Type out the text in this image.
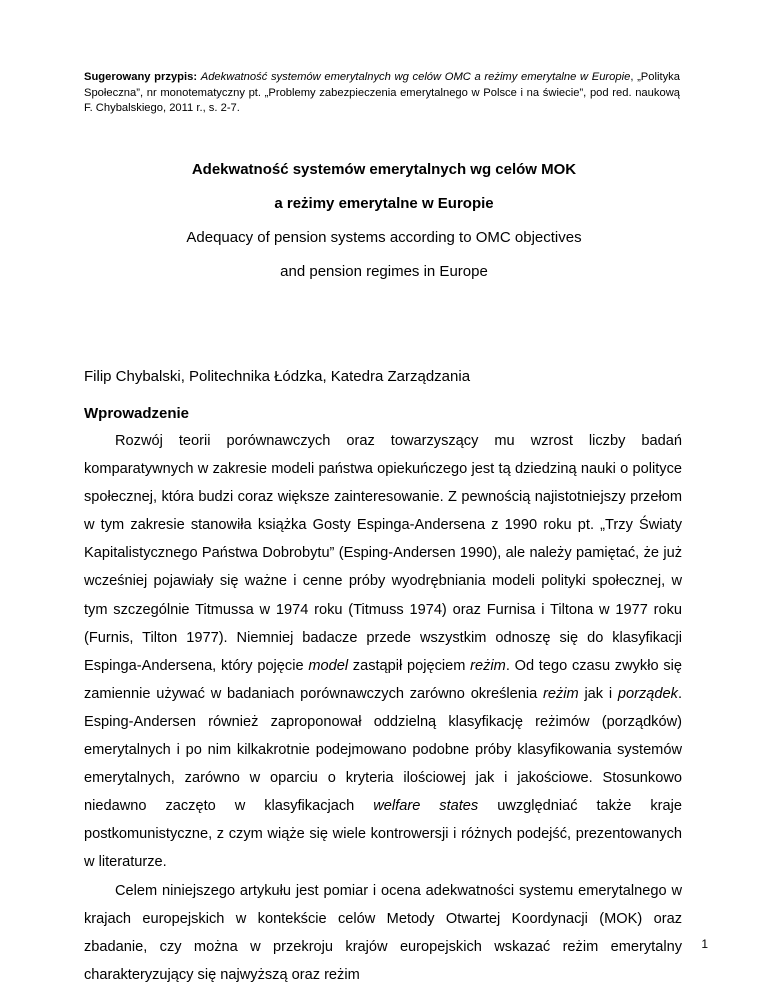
Sugerowany przypis: Adekwatność systemów emerytalnych wg celów OMC a reżimy emerytalne w Europie, „Polityka Społeczna”, nr monotematyczny pt. „Problemy zabezpieczenia emerytalnego w Polsce i na świecie”, pod red. naukową F. Chybalskiego, 2011 r., s. 2-7.
Adekwatność systemów emerytalnych wg celów MOK
a reżimy emerytalne w Europie
Adequacy of pension systems according to OMC objectives
and pension regimes in Europe
Filip Chybalski, Politechnika Łódzka, Katedra Zarządzania
Wprowadzenie

Rozwój teorii porównawczych oraz towarzyszący mu wzrost liczby badań komparatywnych w zakresie modeli państwa opiekuńczego jest tą dziedziną nauki o polityce społecznej, która budzi coraz większe zainteresowanie. Z pewnością najistotniejszy przełom w tym zakresie stanowiła książka Gosty Espinga-Andersena z 1990 roku pt. „Trzy Światy Kapitalistycznego Państwa Dobrobytu” (Esping-Andersen 1990), ale należy pamiętać, że już wcześniej pojawiały się ważne i cenne próby wyodrębniania modeli polityki społecznej, w tym szczególnie Titmussa w 1974 roku (Titmuss 1974) oraz Furnisa i Tiltona w 1977 roku (Furnis, Tilton 1977). Niemniej badacze przede wszystkim odnoszę się do klasyfikacji Espinga-Andersena, który pojęcie model zastąpił pojęciem reżim. Od tego czasu zwykło się zamiennie używać w badaniach porównawczych zarówno określenia reżim jak i porządek. Esping-Andersen również zaproponował oddzielną klasyfikację reżimów (porządków) emerytalnych i po nim kilkakrotnie podejmowano podobne próby klasyfikowania systemów emerytalnych, zarówno w oparciu o kryteria ilościowej jak i jakościowe. Stosunkowo niedawno zaczęto w klasyfikacjach welfare states uwzględniać także kraje postkomunistyczne, z czym wiąże się wiele kontrowersji i różnych podejść, prezentowanych w literaturze.

Celem niniejszego artykułu jest pomiar i ocena adekwatności systemu emerytalnego w krajach europejskich w kontekście celów Metody Otwartej Koordynacji (MOK) oraz zbadanie, czy można w przekroju krajów europejskich wskazać reżim emerytalny charakteryzujący się najwyższą oraz reżim

1
